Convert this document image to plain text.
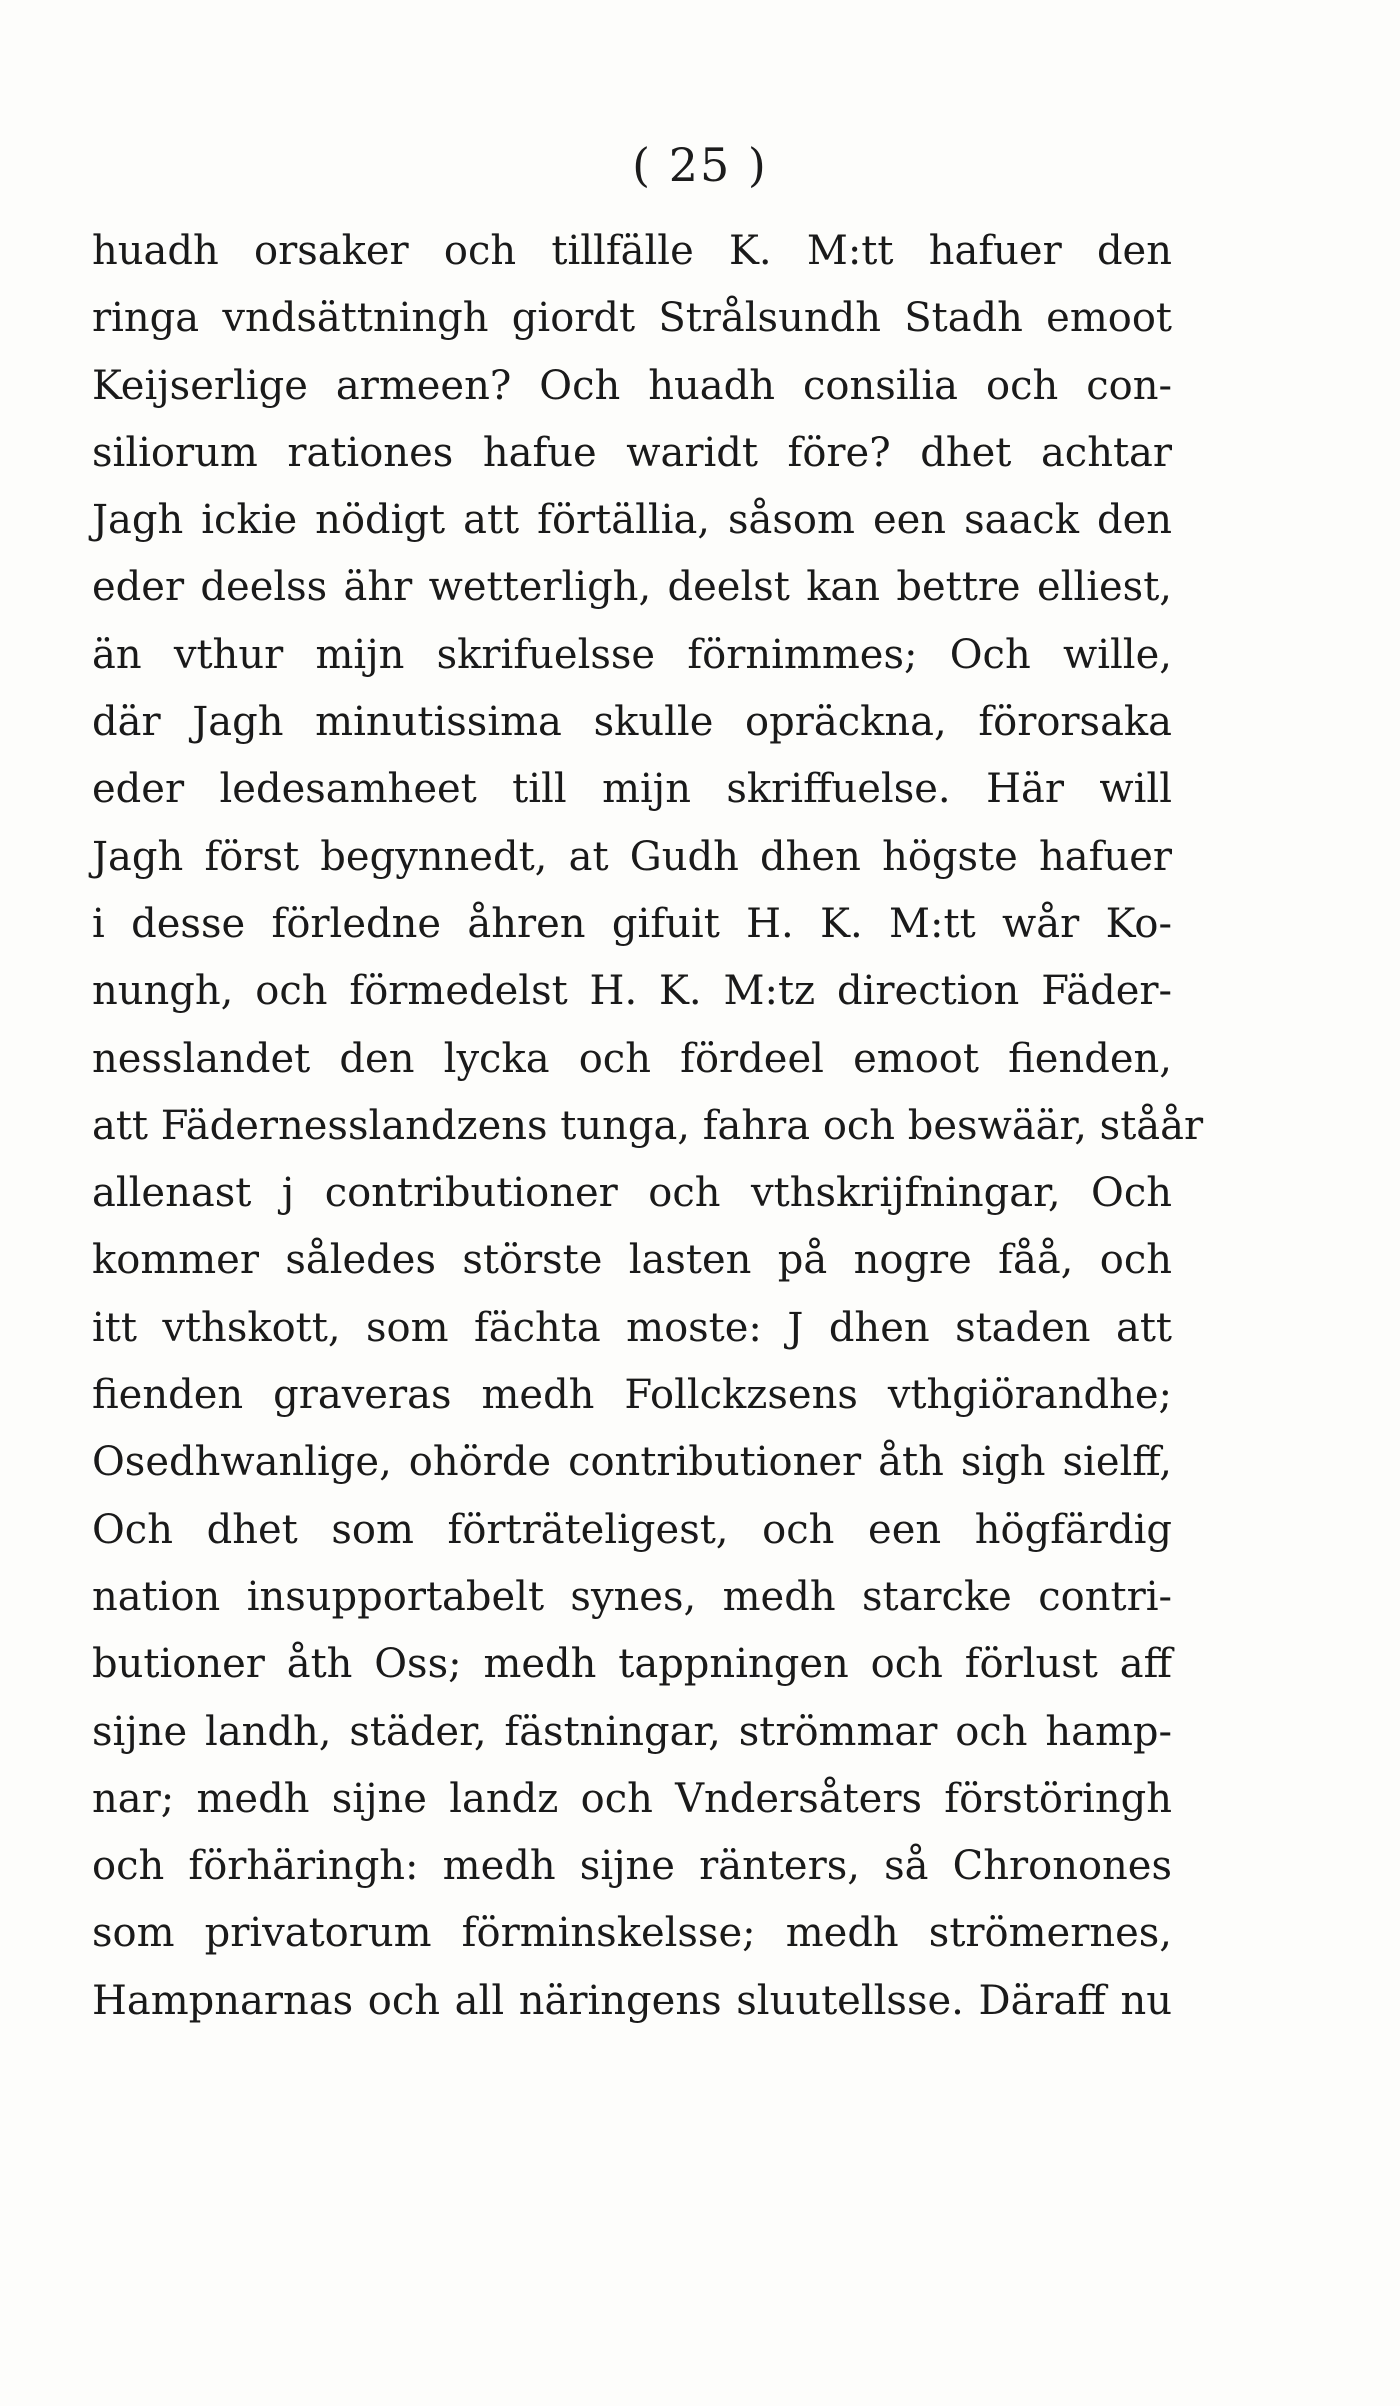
( 25 )
huadh orsaker och tillfälle K. M:tt hafuer den
ringa vndsättningh giordt Strålsundh Stadh emoot
Keijserlige armeen? Och huadh consilia och con-
siliorum rationes hafue waridt före? dhet achtar
Jagh ickie nödigt att förtällia, såsom een saack den
eder deelss ähr wetterligh, deelst kan bettre elliest,
än vthur mijn skrifuelsse förnimmes; Och wille,
där Jagh minutissima skulle opräckna, förorsaka
eder ledesamheet till mijn skriffuelse. Här will
Jagh först begynnedt, at Gudh dhen högste hafuer
i desse förledne åhren gifuit H. K. M:tt wår Ko-
nungh, och förmedelst H. K. M:tz direction Fäder-
nesslandet den lycka och fördeel emoot fienden,
att Fädernesslandzens tunga, fahra och beswäär, ståår
allenast j contributioner och vthskrijfningar, Och
kommer således störste lasten på nogre fåå, och
itt vthskott, som fächta moste: J dhen staden att
fienden graveras medh Follckzsens vthgiörandhe;
Osedhwanlige, ohörde contributioner åth sigh sielff,
Och dhet som förträteligest, och een högfärdig
nation insupportabelt synes, medh starcke contri-
butioner åth Oss; medh tappningen och förlust aff
sijne landh, städer, fästningar, strömmar och hamp-
nar; medh sijne landz och Vndersåters förstöringh
och förhäringh: medh sijne ränters, så Chronones
som privatorum förminskelsse; medh strömernes,
Hampnarnas och all näringens sluutellsse. Däraff nu
